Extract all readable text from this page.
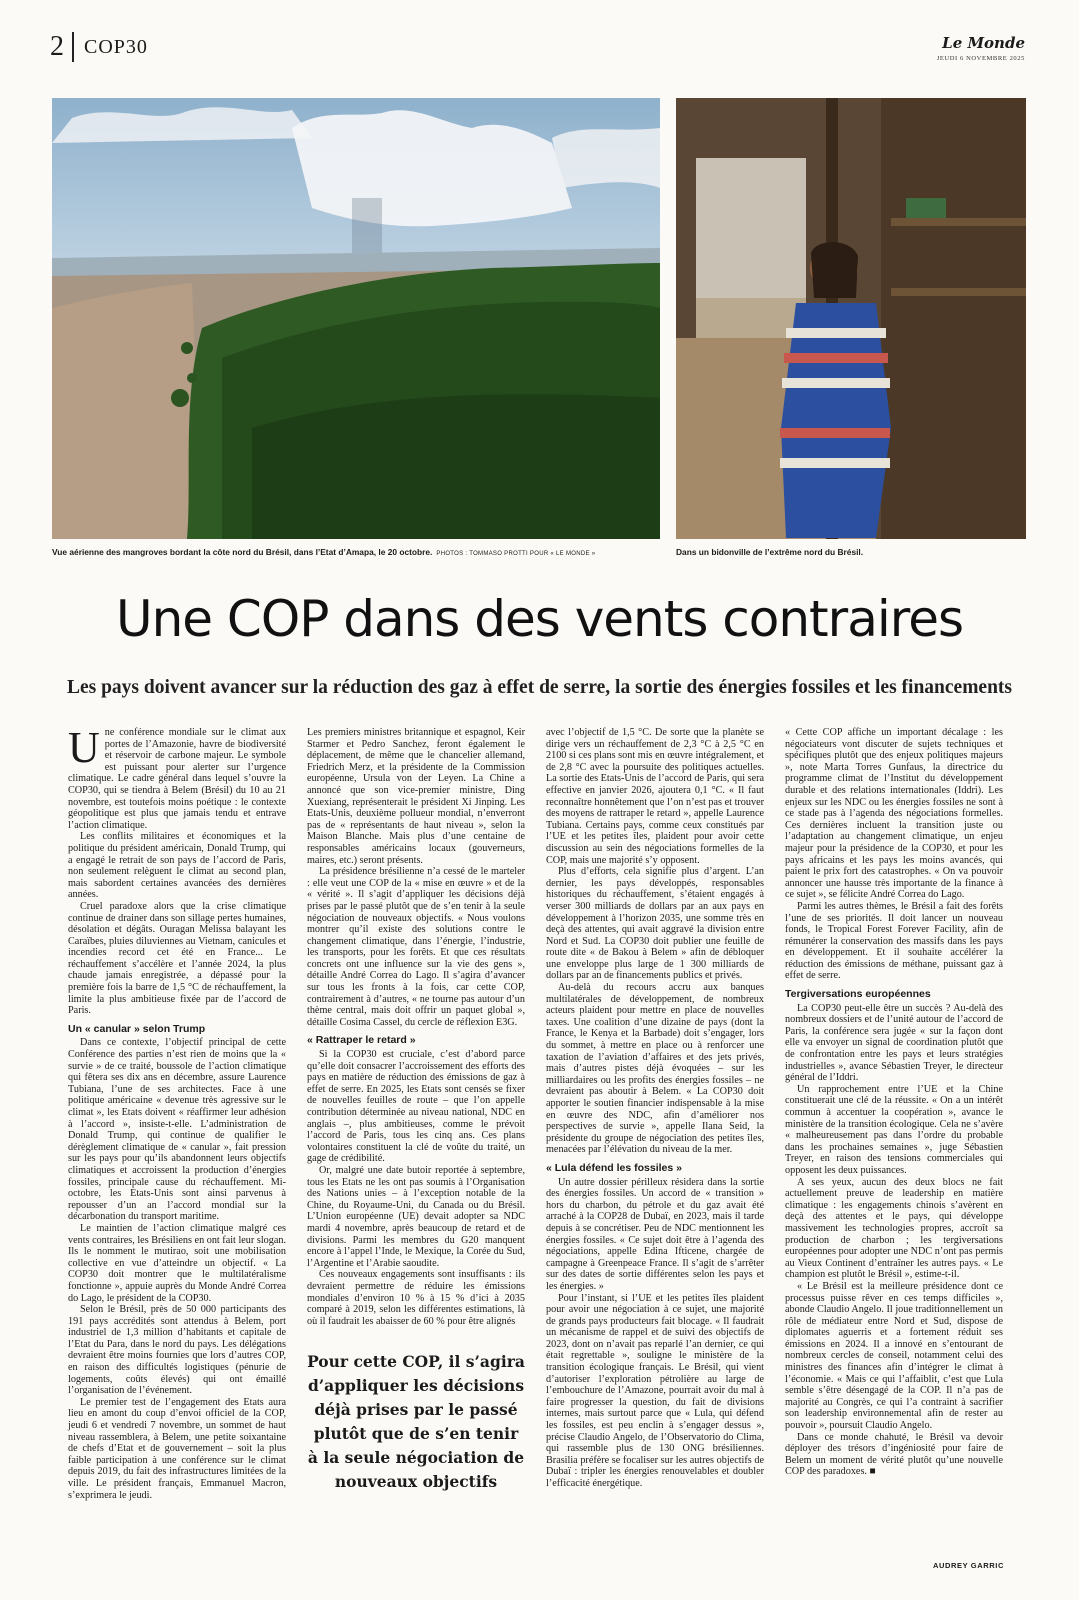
2 COP30	Le Monde
JEUDI 6 NOVEMBRE 2025
Vue aérienne des mangroves bordant la côte nord du Brésil, dans l’Etat d’Amapa, le 20 octobre. PHOTOS : TOMMASO PROTTI POUR « LE MONDE »	Dans un bidonville de l’extrême nord du Brésil.
Une COP dans des vents contraires
Les pays doivent avancer sur la réduction des gaz à effet de serre, la sortie des énergies fossiles et les financements

Une conférence mondiale sur le climat aux portes de l’Amazonie, havre de biodiversité et réservoir de carbone majeur. Le symbole est puissant pour alerter sur l’urgence climatique. Le cadre général dans lequel s’ouvre la COP30, qui se tiendra à Belem (Brésil) du 10 au 21 novembre, est toutefois moins poétique : le contexte géopolitique est plus que jamais tendu et entrave l’action climatique.

Les conflits militaires et économiques et la politique du président américain, Donald Trump, qui a engagé le retrait de son pays de l’accord de Paris, non seulement relèguent le climat au second plan, mais sabordent certaines avancées des dernières années.

Cruel paradoxe alors que la crise climatique continue de drainer dans son sillage pertes humaines, désolation et dégâts. Ouragan Melissa balayant les Caraïbes, pluies diluviennes au Vietnam, canicules et incendies record cet été en France... Le réchauffement s’accélère et l’année 2024, la plus chaude jamais enregistrée, a dépassé pour la première fois la barre de 1,5 °C de réchauffement, la limite la plus ambitieuse fixée par de l’accord de Paris.

Un « canular » selon Trump

Dans ce contexte, l’objectif principal de cette Conférence des parties n’est rien de moins que la « survie » de ce traité, boussole de l’action climatique qui fêtera ses dix ans en décembre, assure Laurence Tubiana, l’une de ses architectes. Face à une politique américaine « devenue très agressive sur le climat », les Etats doivent « réaffirmer leur adhésion à l’accord », insiste-t-elle. L’administration de Donald Trump, qui continue de qualifier le dérèglement climatique de « canular », fait pression sur les pays pour qu’ils abandonnent leurs objectifs climatiques et accroissent la production d’énergies fossiles, principale cause du réchauffement. Mi-octobre, les Etats-Unis sont ainsi parvenus à repousser d’un an l’accord mondial sur la décarbonation du transport maritime.

Le maintien de l’action climatique malgré ces vents contraires, les Brésiliens en ont fait leur slogan. Ils le nomment le mutirao, soit une mobilisation collective en vue d’atteindre un objectif. « La COP30 doit montrer que le multilatéralisme fonctionne », appuie auprès du Monde André Correa do Lago, le président de la COP30.

Selon le Brésil, près de 50 000 participants des 191 pays accrédités sont attendus à Belem, port industriel de 1,3 million d’habitants et capitale de l’Etat du Para, dans le nord du pays. Les délégations devraient être moins fournies que lors d’autres COP, en raison des difficultés logistiques (pénurie de logements, coûts élevés) qui ont émaillé l’organisation de l’événement.

Le premier test de l’engagement des Etats aura lieu en amont du coup d’envoi officiel de la COP, jeudi 6 et vendredi 7 novembre, un sommet de haut niveau rassemblera, à Belem, une petite soixantaine de chefs d’Etat et de gouvernement – soit la plus faible participation à une conférence sur le climat depuis 2019, du fait des infrastructures limitées de la ville. Le président français, Emmanuel Macron, s’exprimera le jeudi.

Les premiers ministres britannique et espagnol, Keir Starmer et Pedro Sanchez, feront également le déplacement, de même que le chancelier allemand, Friedrich Merz, et la présidente de la Commission européenne, Ursula von der Leyen. La Chine a annoncé que son vice-premier ministre, Ding Xuexiang, représenterait le président Xi Jinping. Les Etats-Unis, deuxième pollueur mondial, n’enverront pas de « représentants de haut niveau », selon la Maison Blanche. Mais plus d’une centaine de responsables américains locaux (gouverneurs, maires, etc.) seront présents.

La présidence brésilienne n’a cessé de le marteler : elle veut une COP de la « mise en œuvre » et de la « vérité ». Il s’agit d’appliquer les décisions déjà prises par le passé plutôt que de s’en tenir à la seule négociation de nouveaux objectifs. « Nous voulons montrer qu’il existe des solutions contre le changement climatique, dans l’énergie, l’industrie, les transports, pour les forêts. Et que ces résultats concrets ont une influence sur la vie des gens », détaille André Correa do Lago. Il s’agira d’avancer sur tous les fronts à la fois, car cette COP, contrairement à d’autres, « ne tourne pas autour d’un thème central, mais doit offrir un paquet global », détaille Cosima Cassel, du cercle de réflexion E3G.

« Rattraper le retard »

Si la COP30 est cruciale, c’est d’abord parce qu’elle doit consacrer l’accroissement des efforts des pays en matière de réduction des émissions de gaz à effet de serre. En 2025, les Etats sont censés se fixer de nouvelles feuilles de route – que l’on appelle contribution déterminée au niveau national, NDC en anglais –, plus ambitieuses, comme le prévoit l’accord de Paris, tous les cinq ans. Ces plans volontaires constituent la clé de voûte du traité, un gage de crédibilité.

Or, malgré une date butoir reportée à septembre, tous les Etats ne les ont pas soumis à l’Organisation des Nations unies – à l’exception notable de la Chine, du Royaume-Uni, du Canada ou du Brésil. L’Union européenne (UE) devait adopter sa NDC mardi 4 novembre, après beaucoup de retard et de divisions. Parmi les membres du G20 manquent encore à l’appel l’Inde, le Mexique, la Corée du Sud, l’Argentine et l’Arabie saoudite.

Ces nouveaux engagements sont insuffisants : ils devraient permettre de réduire les émissions mondiales d’environ 10 % à 15 % d’ici à 2035 comparé à 2019, selon les différentes estimations, là où il faudrait les abaisser de 60 % pour être alignés

Pour cette COP, il s’agira d’appliquer les décisions déjà prises par le passé plutôt que de s’en tenir à la seule négociation de nouveaux objectifs

avec l’objectif de 1,5 °C. De sorte que la planète se dirige vers un réchauffement de 2,3 °C à 2,5 °C en 2100 si ces plans sont mis en œuvre intégralement, et de 2,8 °C avec la poursuite des politiques actuelles. La sortie des Etats-Unis de l’accord de Paris, qui sera effective en janvier 2026, ajoutera 0,1 °C. « Il faut reconnaître honnêtement que l’on n’est pas et trouver des moyens de rattraper le retard », appelle Laurence Tubiana. Certains pays, comme ceux constitués par l’UE et les petites îles, plaident pour avoir cette discussion au sein des négociations formelles de la COP, mais une majorité s’y opposent.

Plus d’efforts, cela signifie plus d’argent. L’an dernier, les pays développés, responsables historiques du réchauffement, s’étaient engagés à verser 300 milliards de dollars par an aux pays en développement à l’horizon 2035, une somme très en deçà des attentes, qui avait aggravé la division entre Nord et Sud. La COP30 doit publier une feuille de route dite « de Bakou à Belem » afin de débloquer une enveloppe plus large de 1 300 milliards de dollars par an de financements publics et privés.

Au-delà du recours accru aux banques multilatérales de développement, de nombreux acteurs plaident pour mettre en place de nouvelles taxes. Une coalition d’une dizaine de pays (dont la France, le Kenya et la Barbade) doit s’engager, lors du sommet, à mettre en place ou à renforcer une taxation de l’aviation d’affaires et des jets privés, mais d’autres pistes déjà évoquées – sur les milliardaires ou les profits des énergies fossiles – ne devraient pas aboutir à Belem. « La COP30 doit apporter le soutien financier indispensable à la mise en œuvre des NDC, afin d’améliorer nos perspectives de survie », appelle Ilana Seid, la présidente du groupe de négociation des petites îles, menacées par l’élévation du niveau de la mer.

« Lula défend les fossiles »

Un autre dossier périlleux résidera dans la sortie des énergies fossiles. Un accord de « transition » hors du charbon, du pétrole et du gaz avait été arraché à la COP28 de Dubaï, en 2023, mais il tarde depuis à se concrétiser. Peu de NDC mentionnent les énergies fossiles. « Ce sujet doit être à l’agenda des négociations, appelle Edina Ifticene, chargée de campagne à Greenpeace France. Il s’agit de s’arrêter sur des dates de sortie différentes selon les pays et les énergies. »

Pour l’instant, si l’UE et les petites îles plaident pour avoir une négociation à ce sujet, une majorité de grands pays producteurs fait blocage. « Il faudrait un mécanisme de rappel et de suivi des objectifs de 2023, dont on n’avait pas reparlé l’an dernier, ce qui était regrettable », souligne le ministère de la transition écologique français. Le Brésil, qui vient d’autoriser l’exploration pétrolière au large de l’embouchure de l’Amazone, pourrait avoir du mal à faire progresser la question, du fait de divisions internes, mais surtout parce que « Lula, qui défend les fossiles, est peu enclin à s’engager dessus », précise Claudio Angelo, de l’Observatorio do Clima, qui rassemble plus de 130 ONG brésiliennes. Brasilia préfère se focaliser sur les autres objectifs de Dubaï : tripler les énergies renouvelables et doubler l’efficacité énergétique.

« Cette COP affiche un important décalage : les négociateurs vont discuter de sujets techniques et spécifiques plutôt que des enjeux politiques majeurs », note Marta Torres Gunfaus, la directrice du programme climat de l’Institut du développement durable et des relations internationales (Iddri). Les enjeux sur les NDC ou les énergies fossiles ne sont à ce stade pas à l’agenda des négociations formelles. Ces dernières incluent la transition juste ou l’adaptation au changement climatique, un enjeu majeur pour la présidence de la COP30, et pour les pays africains et les pays les moins avancés, qui paient le prix fort des catastrophes. « On va pouvoir annoncer une hausse très importante de la finance à ce sujet », se félicite André Correa do Lago.

Parmi les autres thèmes, le Brésil a fait des forêts l’une de ses priorités. Il doit lancer un nouveau fonds, le Tropical Forest Forever Facility, afin de rémunérer la conservation des massifs dans les pays en développement. Et il souhaite accélérer la réduction des émissions de méthane, puissant gaz à effet de serre.

Tergiversations européennes

La COP30 peut-elle être un succès ? Au-delà des nombreux dossiers et de l’unité autour de l’accord de Paris, la conférence sera jugée « sur la façon dont elle va envoyer un signal de coordination plutôt que de confrontation entre les pays et leurs stratégies industrielles », avance Sébastien Treyer, le directeur général de l’Iddri.

Un rapprochement entre l’UE et la Chine constituerait une clé de la réussite. « On a un intérêt commun à accentuer la coopération », avance le ministère de la transition écologique. Cela ne s’avère « malheureusement pas dans l’ordre du probable dans les prochaines semaines », juge Sébastien Treyer, en raison des tensions commerciales qui opposent les deux puissances.

A ses yeux, aucun des deux blocs ne fait actuellement preuve de leadership en matière climatique : les engagements chinois s’avèrent en deçà des attentes et le pays, qui développe massivement les technologies propres, accroît sa production de charbon ; les tergiversations européennes pour adopter une NDC n’ont pas permis au Vieux Continent d’entraîner les autres pays. « Le champion est plutôt le Brésil », estime-t-il.

« Le Brésil est la meilleure présidence dont ce processus puisse rêver en ces temps difficiles », abonde Claudio Angelo. Il joue traditionnellement un rôle de médiateur entre Nord et Sud, dispose de diplomates aguerris et a fortement réduit ses émissions en 2024. Il a innové en s’entourant de nombreux cercles de conseil, notamment celui des ministres des finances afin d’intégrer le climat à l’économie. « Mais ce qui l’affaiblit, c’est que Lula semble s’être désengagé de la COP. Il n’a pas de majorité au Congrès, ce qui l’a contraint à sacrifier son leadership environnemental afin de rester au pouvoir », poursuit Claudio Angelo.

Dans ce monde chahuté, le Brésil va devoir déployer des trésors d’ingéniosité pour faire de Belem un moment de vérité plutôt qu’une nouvelle COP des paradoxes. ■

AUDREY GARRIC
